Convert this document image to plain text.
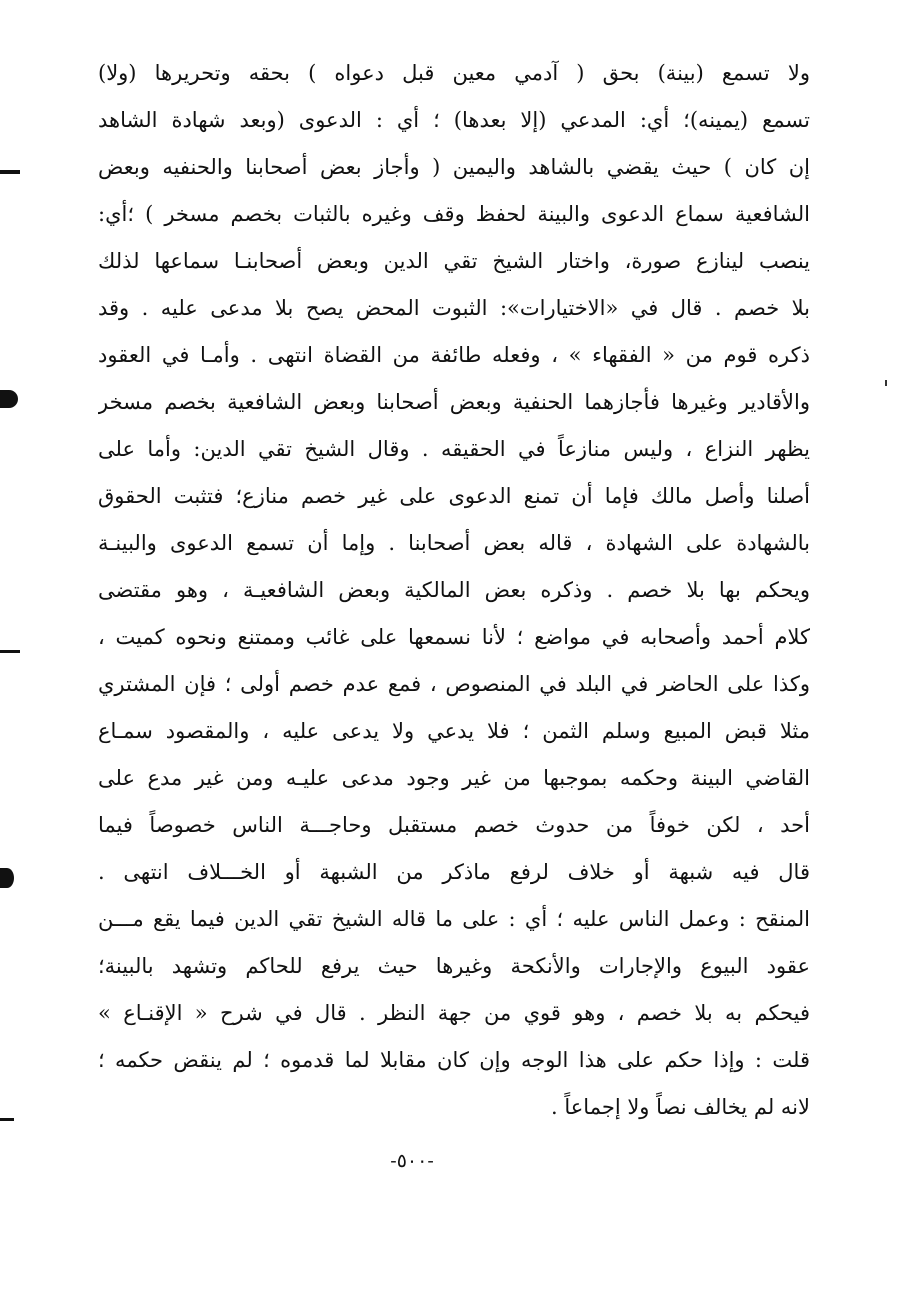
ولا تسمع (بينة) بحق ( آدمي معين قبل دعواه ) بحقه وتحريرها (ولا)
تسمع (يمينه)؛ أي: المدعي (إلا بعدها) ؛ أي : الدعوى (وبعد شهادة الشاهد
إن كان ) حيث يقضي بالشاهد واليمين ( وأجاز بعض أصحابنا والحنفيه وبعض
الشافعية سماع الدعوى والبينة لحفظ وقف وغيره بالثبات بخصم مسخر ) ؛أي:
ينصب لينازع صورة، واختار الشيخ تقي الدين وبعض أصحابنـا سماعها لذلك
بلا خصم . قال في «الاختيارات»: الثبوت المحض يصح بلا مدعى عليه . وقد
ذكره قوم من « الفقهاء » ، وفعله طائفة من القضاة انتهى . وأمـا في العقود
والأقادير وغيرها فأجازهما الحنفية وبعض أصحابنا وبعض الشافعية بخصم مسخر
يظهر النزاع ، وليس منازعاً في الحقيقه . وقال الشيخ تقي الدين: وأما على
أصلنا وأصل مالك فإما أن تمنع الدعوى على غير خصم منازع؛ فتثبت الحقوق
بالشهادة على الشهادة ، قاله بعض أصحابنا . وإما أن تسمع الدعوى والبينـة
ويحكم بها بلا خصم . وذكره بعض المالكية وبعض الشافعيـة ، وهو مقتضى
كلام أحمد وأصحابه في مواضع ؛ لأنا نسمعها على غائب وممتنع ونحوه كميت ،
وكذا على الحاضر في البلد في المنصوص ، فمع عدم خصم أولى ؛ فإن المشتري
مثلا قبض المبيع وسلم الثمن ؛ فلا يدعي ولا يدعى عليه ، والمقصود سمـاع
القاضي البينة وحكمه بموجبها من غير وجود مدعى عليـه ومن غير مدع على
أحد ، لكن خوفاً من حدوث خصم مستقبل وحاجـــة الناس خصوصاً فيما
قال فيه شبهة أو خلاف لرفع ماذكر من الشبهة أو الخـــلاف انتهى .
المنقح : وعمل الناس عليه ؛ أي : على ما قاله الشيخ تقي الدين فيما يقع مـــن
عقود البيوع والإجارات والأنكحة وغيرها حيث يرفع للحاكم وتشهد بالبينة؛
فيحكم به بلا خصم ، وهو قوي من جهة النظر . قال في شرح « الإقنـاع »
قلت : وإذا حكم على هذا الوجه وإن كان مقابلا لما قدموه ؛ لم ينقض حكمه ؛
لانه لم يخالف نصاً ولا إجماعاً .
-٥٠٠-
